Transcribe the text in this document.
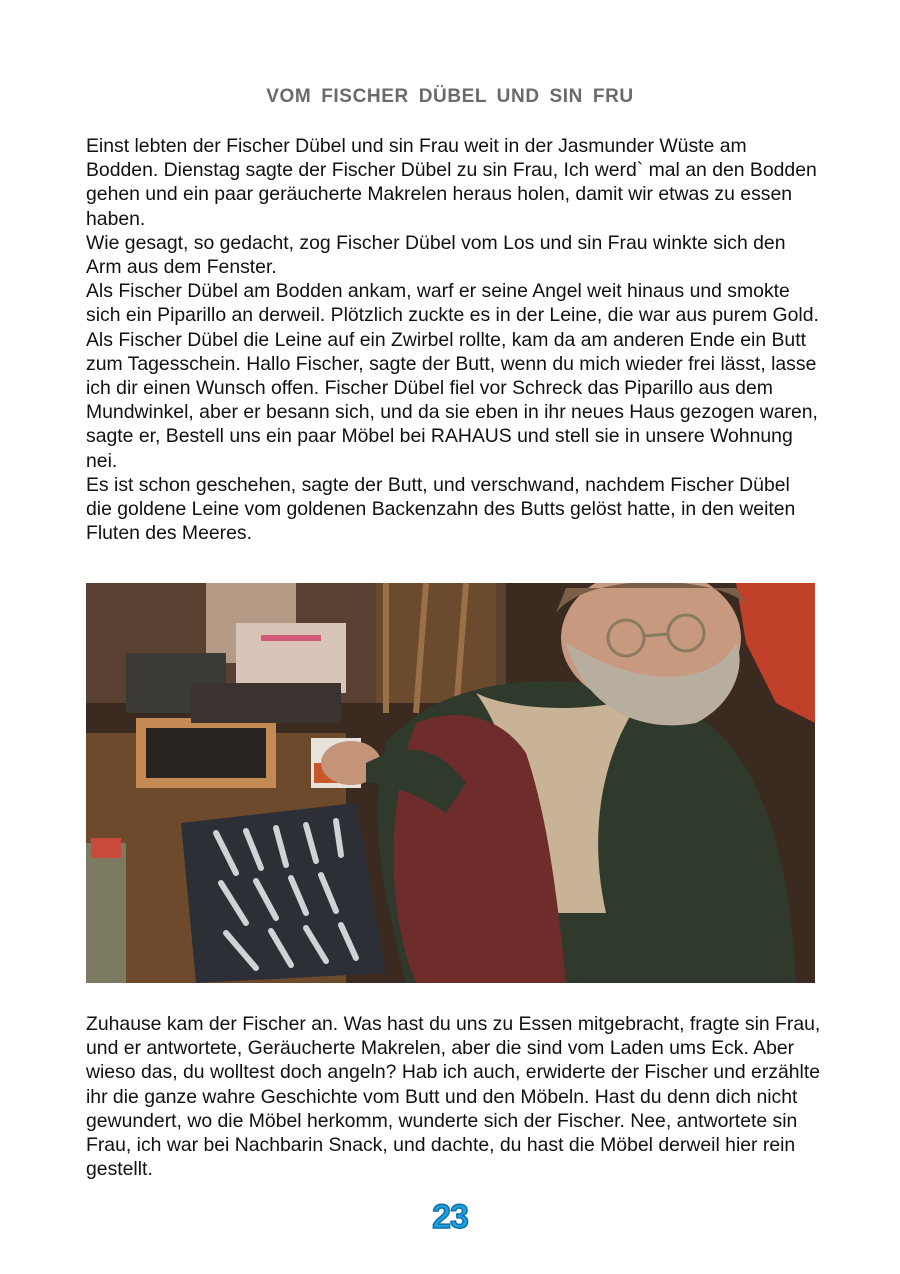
VOM FISCHER DÜBEL UND SIN FRU

Einst lebten der Fischer Dübel und sin Frau weit in der Jasmunder Wüste am Bodden. Dienstag sagte der Fischer Dübel zu sin Frau, Ich werd` mal an den Bodden gehen und ein paar geräucherte Makrelen heraus holen, damit wir etwas zu essen haben.

Wie gesagt, so gedacht, zog Fischer Dübel vom Los und sin Frau winkte sich den Arm aus dem Fenster.

Als Fischer Dübel am Bodden ankam, warf er seine Angel weit hinaus und smokte sich ein Piparillo an derweil. Plötzlich zuckte es in der Leine, die war aus purem Gold.

Als Fischer Dübel die Leine auf ein Zwirbel rollte, kam da am anderen Ende ein Butt zum Tagesschein. Hallo Fischer, sagte der Butt, wenn du mich wieder frei lässt, lasse ich dir einen Wunsch offen. Fischer Dübel fiel vor Schreck das Piparillo aus dem Mundwinkel, aber er besann sich, und da sie eben in ihr neues Haus gezogen waren, sagte er, Bestell uns ein paar Möbel bei RAHAUS und stell sie in unsere Wohnung nei.

Es ist schon geschehen, sagte der Butt, und verschwand, nachdem Fischer Dübel die goldene Leine vom goldenen Backenzahn des Butts gelöst hatte, in den weiten Fluten des Meeres.

Zuhause kam der Fischer an. Was hast du uns zu Essen mitgebracht, fragte sin Frau, und er antwortete, Geräucherte Makrelen, aber die sind vom Laden ums Eck. Aber wieso das, du wolltest doch angeln? Hab ich auch, erwiderte der Fischer und erzählte ihr die ganze wahre Geschichte vom Butt und den Möbeln. Hast du denn dich nicht gewundert, wo die Möbel herkomm, wunderte sich der Fischer. Nee, antwortete sin Frau, ich war bei Nachbarin Snack, und dachte, du hast die Möbel derweil hier rein gestellt.

23
